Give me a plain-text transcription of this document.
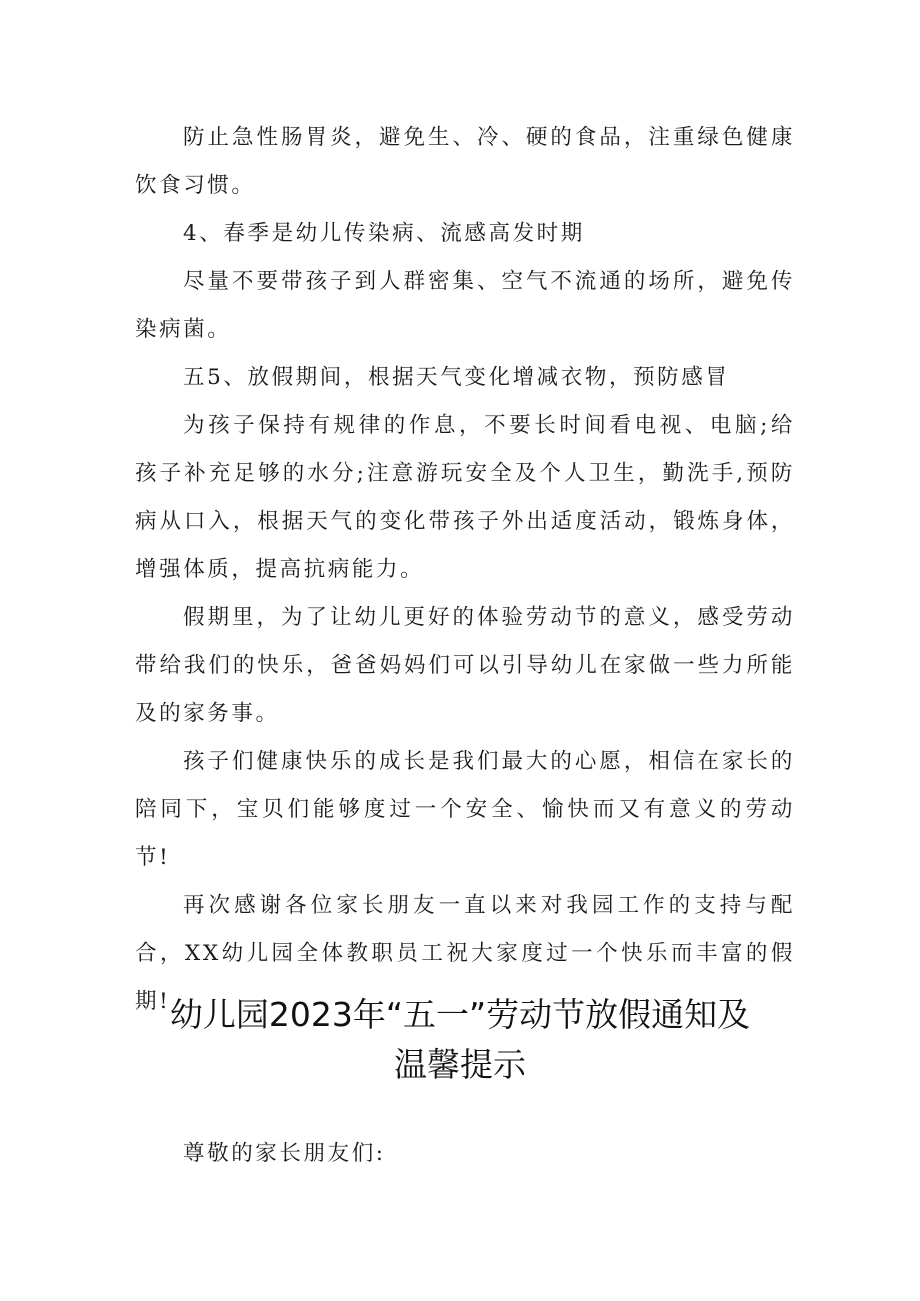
防止急性肠胃炎，避免生、冷、硬的食品，注重绿色健康饮食习惯。

4、春季是幼儿传染病、流感高发时期

尽量不要带孩子到人群密集、空气不流通的场所，避免传染病菌。

五5、放假期间，根据天气变化增减衣物，预防感冒

为孩子保持有规律的作息，不要长时间看电视、电脑;给孩子补充足够的水分;注意游玩安全及个人卫生，勤洗手,预防病从口入，根据天气的变化带孩子外出适度活动，锻炼身体，增强体质，提高抗病能力。

假期里，为了让幼儿更好的体验劳动节的意义，感受劳动带给我们的快乐，爸爸妈妈们可以引导幼儿在家做一些力所能及的家务事。

孩子们健康快乐的成长是我们最大的心愿，相信在家长的陪同下，宝贝们能够度过一个安全、愉快而又有意义的劳动节!

再次感谢各位家长朋友一直以来对我园工作的支持与配合，XX幼儿园全体教职员工祝大家度过一个快乐而丰富的假期! 幼儿园2023年“五一”劳动节放假通知及
温馨提示

尊敬的家长朋友们:
